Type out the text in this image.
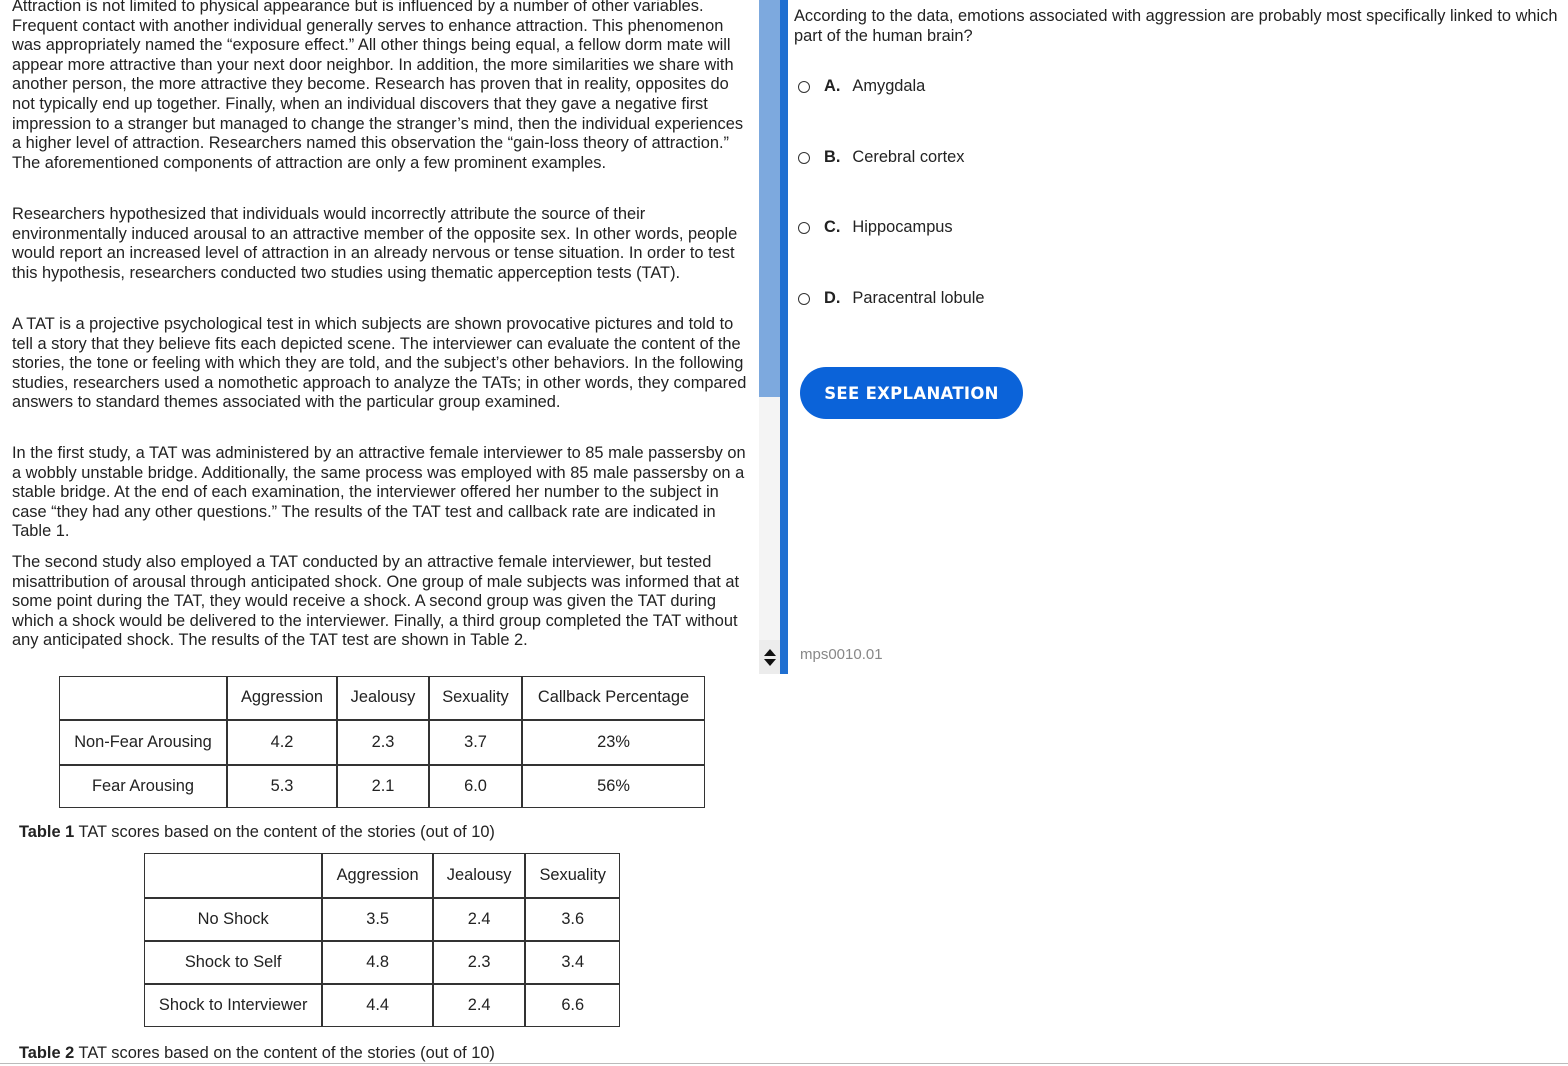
Attraction is not limited to physical appearance but is influenced by a number of other variables. Frequent contact with another individual generally serves to enhance attraction. This phenomenon was appropriately named the “exposure effect.” All other things being equal, a fellow dorm mate will appear more attractive than your next door neighbor. In addition, the more similarities we share with another person, the more attractive they become. Research has proven that in reality, opposites do not typically end up together. Finally, when an individual discovers that they gave a negative first impression to a stranger but managed to change the stranger’s mind, then the individual experiences a higher level of attraction. Researchers named this observation the “gain-loss theory of attraction.” The aforementioned components of attraction are only a few prominent examples.

Researchers hypothesized that individuals would incorrectly attribute the source of their environmentally induced arousal to an attractive member of the opposite sex. In other words, people would report an increased level of attraction in an already nervous or tense situation. In order to test this hypothesis, researchers conducted two studies using thematic apperception tests (TAT).

A TAT is a projective psychological test in which subjects are shown provocative pictures and told to tell a story that they believe fits each depicted scene. The interviewer can evaluate the content of the stories, the tone or feeling with which they are told, and the subject’s other behaviors. In the following studies, researchers used a nomothetic approach to analyze the TATs; in other words, they compared answers to standard themes associated with the particular group examined.

In the first study, a TAT was administered by an attractive female interviewer to 85 male passersby on a wobbly unstable bridge. Additionally, the same process was employed with 85 male passersby on a stable bridge. At the end of each examination, the interviewer offered her number to the subject in case “they had any other questions.” The results of the TAT test and callback rate are indicated in Table 1.

The second study also employed a TAT conducted by an attractive female interviewer, but tested misattribution of arousal through anticipated shock. One group of male subjects was informed that at some point during the TAT, they would receive a shock. A second group was given the TAT during which a shock would be delivered to the interviewer. Finally, a third group completed the TAT without any anticipated shock. The results of the TAT test are shown in Table 2.

	Aggression	Jealousy	Sexuality	Callback Percentage
Non-Fear Arousing	4.2	2.3	3.7	23%
Fear Arousing	5.3	2.1	6.0	56%
Table 1 TAT scores based on the content of the stories (out of 10)
	Aggression	Jealousy	Sexuality
No Shock	3.5	2.4	3.6
Shock to Self	4.8	2.3	3.4
Shock to Interviewer	4.4	2.4	6.6
Table 2 TAT scores based on the content of the stories (out of 10)

According to the data, emotions associated with aggression are probably most specifically linked to which part of the human brain?

A. Amygdala
B. Cerebral cortex
C. Hippocampus
D. Paracentral lobule
SEE EXPLANATION
mps0010.01
